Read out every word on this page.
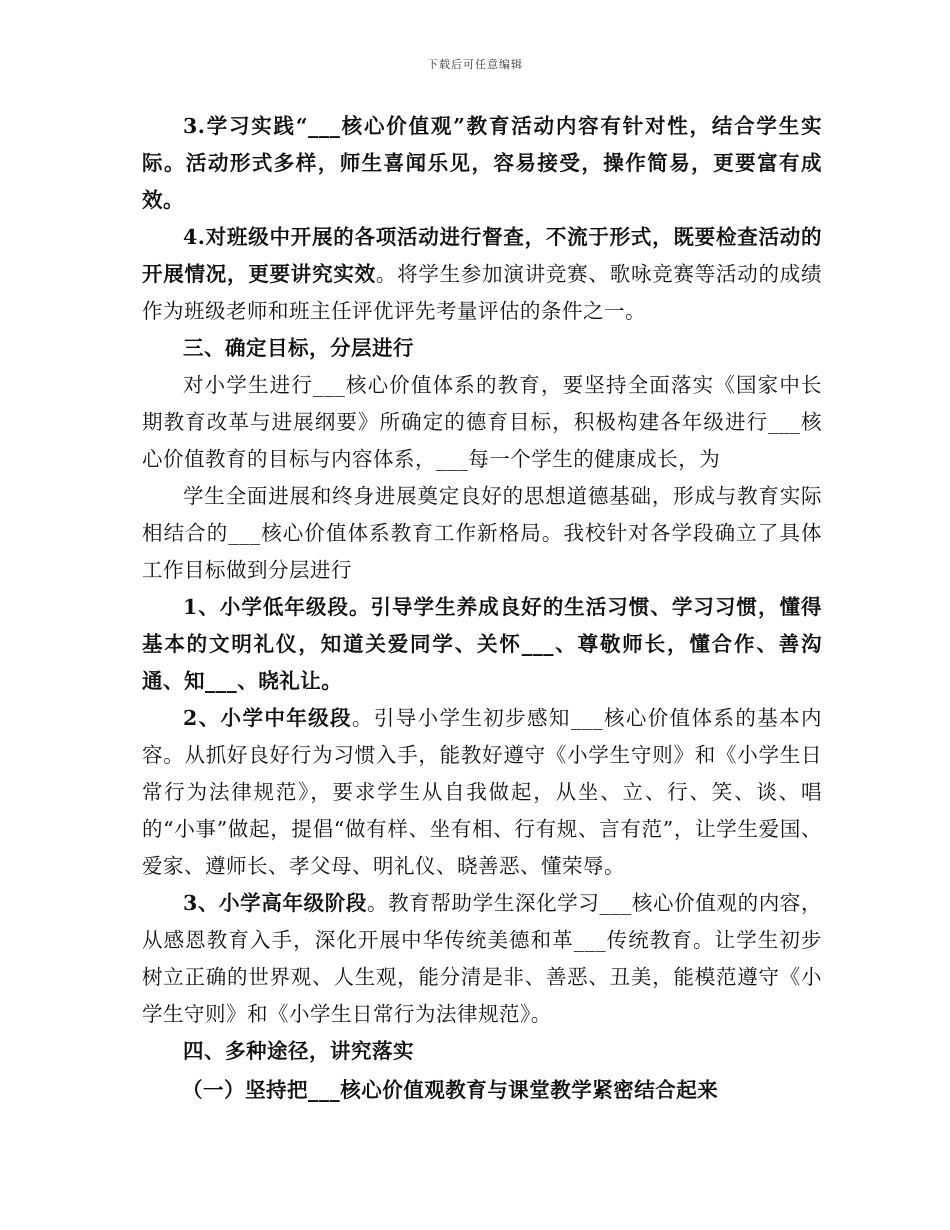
下载后可任意编辑

3.学习实践“___核心价值观”教育活动内容有针对性，结合学生实际。活动形式多样，师生喜闻乐见，容易接受，操作简易，更要富有成效。

4.对班级中开展的各项活动进行督查，不流于形式，既要检查活动的开展情况，更要讲究实效。将学生参加演讲竞赛、歌咏竞赛等活动的成绩作为班级老师和班主任评优评先考量评估的条件之一。

三、确定目标，分层进行

对小学生进行___核心价值体系的教育，要坚持全面落实《国家中长期教育改革与进展纲要》所确定的德育目标，积极构建各年级进行___核心价值教育的目标与内容体系，___每一个学生的健康成长，为

学生全面进展和终身进展奠定良好的思想道德基础，形成与教育实际相结合的___核心价值体系教育工作新格局。我校针对各学段确立了具体工作目标做到分层进行

1、小学低年级段。引导学生养成良好的生活习惯、学习习惯，懂得基本的文明礼仪，知道关爱同学、关怀___、尊敬师长，懂合作、善沟通、知___、晓礼让。

2、小学中年级段。引导小学生初步感知___核心价值体系的基本内容。从抓好良好行为习惯入手，能教好遵守《小学生守则》和《小学生日常行为法律规范》，要求学生从自我做起，从坐、立、行、笑、谈、唱的“小事”做起，提倡“做有样、坐有相、行有规、言有范”，让学生爱国、爱家、遵师长、孝父母、明礼仪、晓善恶、懂荣辱。

3、小学高年级阶段。教育帮助学生深化学习___核心价值观的内容，从感恩教育入手，深化开展中华传统美德和革___传统教育。让学生初步树立正确的世界观、人生观，能分清是非、善恶、丑美，能模范遵守《小学生守则》和《小学生日常行为法律规范》。

四、多种途径，讲究落实

（一）坚持把___核心价值观教育与课堂教学紧密结合起来
